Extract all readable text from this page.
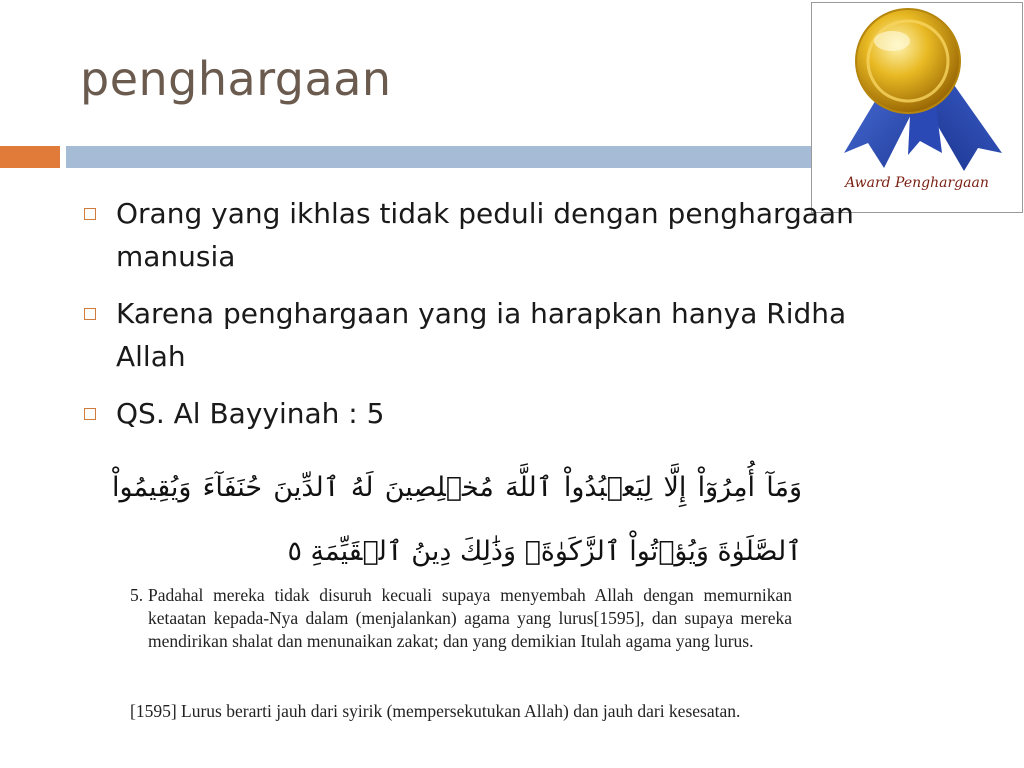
penghargaan
Award Penghargaan
Orang yang ikhlas tidak peduli dengan penghargaan manusia
Karena penghargaan yang ia harapkan hanya Ridha Allah
QS. Al Bayyinah : 5
وَمَآ أُمِرُوٓاْ إِلَّا لِيَعۡبُدُواْ ٱللَّهَ مُخۡلِصِينَ لَهُ ٱلدِّينَ حُنَفَآءَ وَيُقِيمُواْ ٱلصَّلَوٰةَ وَيُؤۡتُواْ ٱلزَّكَوٰةَۚ وَذَٰلِكَ دِينُ ٱلۡقَيِّمَةِ ٥
5. Padahal mereka tidak disuruh kecuali supaya menyembah Allah dengan memurnikan ketaatan kepada-Nya dalam (menjalankan) agama yang lurus[1595], dan supaya mereka mendirikan shalat dan menunaikan zakat; dan yang demikian Itulah agama yang lurus.
[1595] Lurus berarti jauh dari syirik (mempersekutukan Allah) dan jauh dari kesesatan.
